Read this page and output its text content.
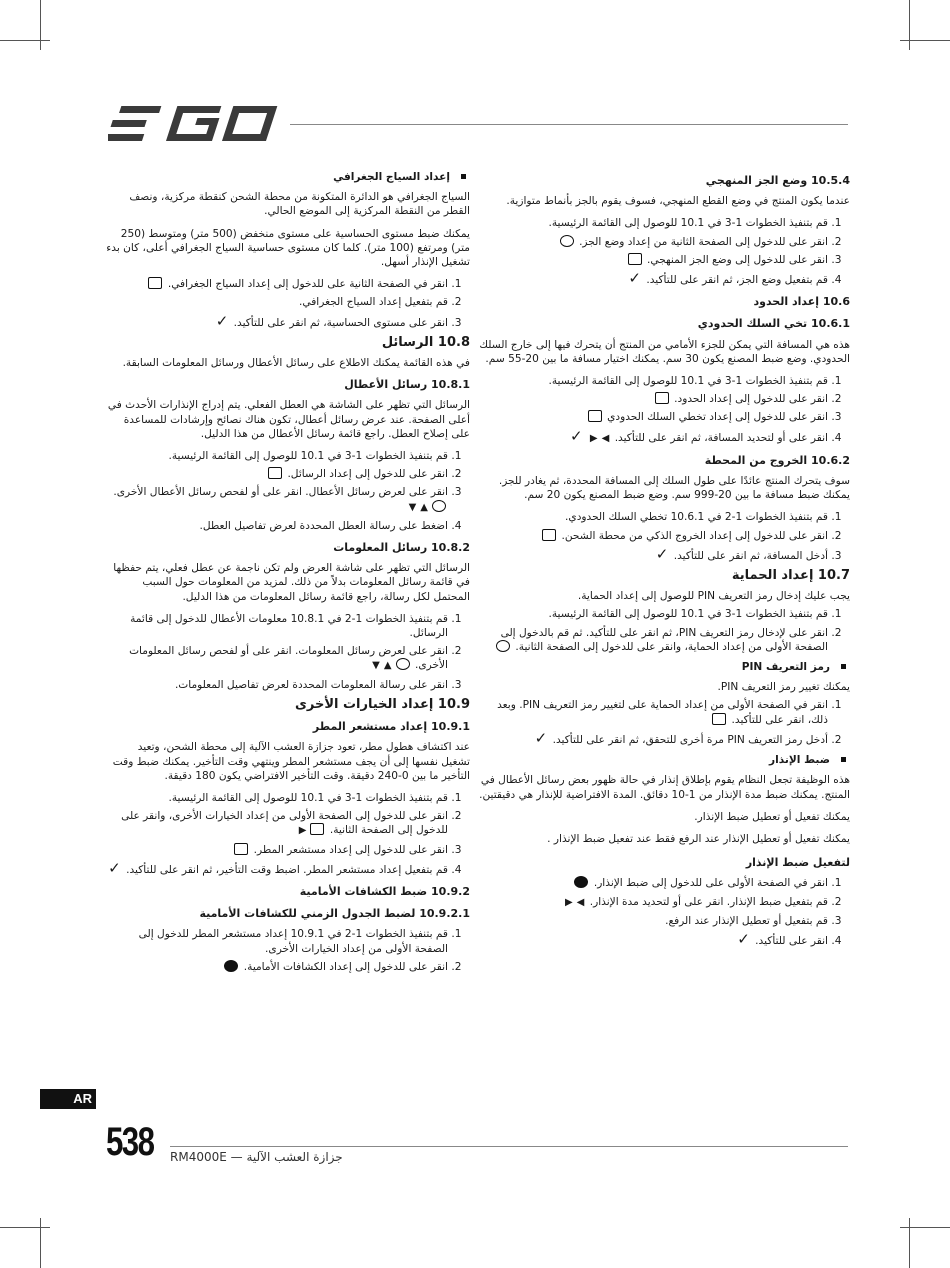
10.5.4 وضع الجز المنهجي

عندما يكون المنتج في وضع القطع المنهجي، فسوف يقوم بالجز بأنماط متوازية.

1. قم بتنفيذ الخطوات 1-3 في 10.1 للوصول إلى القائمة الرئيسية.
2. انقر على للدخول إلى الصفحة الثانية من إعداد وضع الجز.
3. انقر على للدخول إلى وضع الجز المنهجي.
4. قم بتفعيل وضع الجز، ثم انقر على للتأكيد. ✓
10.6 إعداد الحدود
10.6.1 تخي السلك الحدودي

هذه هي المسافة التي يمكن للجزء الأمامي من المنتج أن يتحرك فيها إلى خارج السلك الحدودي. وضع ضبط المصنع يكون 30 سم. يمكنك اختيار مسافة ما بين 20-55 سم.

1. قم بتنفيذ الخطوات 1-3 في 10.1 للوصول إلى القائمة الرئيسية.
2. انقر على للدخول إلى إعداد الحدود.
3. انقر على للدخول إلى إعداد تخطي السلك الحدودي
4. انقر على أو لتحديد المسافة، ثم انقر على للتأكيد. ◀▶ ✓
10.6.2 الخروج من المحطة

سوف يتحرك المنتج عائدًا على طول السلك إلى المسافة المحددة، ثم يغادر للجز. يمكنك ضبط مسافة ما بين 20-999 سم. وضع ضبط المصنع يكون 20 سم.

1. قم بتنفيذ الخطوات 1-2 في 10.6.1 تخطي السلك الحدودي.
2. انقر على للدخول إلى إعداد الخروج الذكي من محطة الشحن.
3. أدخل المسافة، ثم انقر على للتأكيد. ✓
10.7 إعداد الحماية

يجب عليك إدخال رمز التعريف PIN للوصول إلى إعداد الحماية.

1. قم بتنفيذ الخطوات 1-3 في 10.1 للوصول إلى القائمة الرئيسية.
2. انقر على لإدخال رمز التعريف PIN، ثم انقر على للتأكيد. ثم قم بالدخول إلى الصفحة الأولى من إعداد الحماية، وانقر على للدخول إلى الصفحة الثانية.
رمز التعريف PIN

يمكنك تغيير رمز التعريف PIN.

1. انقر في الصفحة الأولى من إعداد الحماية على لتغيير رمز التعريف PIN. وبعد ذلك، انقر على للتأكيد.
2. أدخل رمز التعريف PIN مرة أخرى للتحقق، ثم انقر على للتأكيد. ✓
ضبط الإنذار

هذه الوظيفة تجعل النظام يقوم بإطلاق إنذار في حالة ظهور بعض رسائل الأعطال في المنتج. يمكنك ضبط مدة الإنذار من 1-10 دقائق. المدة الافتراضية للإنذار هي دقيقتين.

يمكنك تفعيل أو تعطيل ضبط الإنذار.

يمكنك تفعيل أو تعطيل الإنذار عند الرفع فقط عند تفعيل ضبط الإنذار .

لتفعيل ضبط الإنذار
1. انقر في الصفحة الأولى على للدخول إلى ضبط الإنذار.
2. قم بتفعيل ضبط الإنذار. انقر على أو لتحديد مدة الإنذار. ◀▶
3. قم بتفعيل أو تعطيل الإنذار عند الرفع.
4. انقر على للتأكيد. ✓
إعداد السياج الجغرافي

السياج الجغرافي هو الدائرة المتكونة من محطة الشحن كنقطة مركزية، ونصف القطر من النقطة المركزية إلى الموضع الحالي.

يمكنك ضبط مستوى الحساسية على مستوى منخفض (500 متر) ومتوسط (250 متر) ومرتفع (100 متر). كلما كان مستوى حساسية السياج الجغرافي أعلى، كان بدء تشغيل الإنذار أسهل.

1. انقر في الصفحة الثانية على للدخول إلى إعداد السياج الجغرافي.
2. قم بتفعيل إعداد السياج الجغرافي.
3. انقر على مستوى الحساسية، ثم انقر على للتأكيد. ✓
10.8 الرسائل

في هذه القائمة يمكنك الاطلاع على رسائل الأعطال ورسائل المعلومات السابقة.

10.8.1 رسائل الأعطال

الرسائل التي تظهر على الشاشة هي العطل الفعلي. يتم إدراج الإنذارات الأحدث في أعلى الصفحة. عند عرض رسائل أعطال، تكون هناك نصائح وإرشادات للمساعدة على إصلاح العطل. راجع قائمة رسائل الأعطال من هذا الدليل.

1. قم بتنفيذ الخطوات 1-3 في 10.1 للوصول إلى القائمة الرئيسية.
2. انقر على للدخول إلى إعداد الرسائل.
3. انقر على لعرض رسائل الأعطال. انقر على أو لفحص رسائل الأعطال الأخرى. ▲▼
4. اضغط على رسالة العطل المحددة لعرض تفاصيل العطل.
10.8.2 رسائل المعلومات

الرسائل التي تظهر على شاشة العرض ولم تكن ناجمة عن عطل فعلي، يتم حفظها في قائمة رسائل المعلومات بدلاً من ذلك. لمزيد من المعلومات حول السبب المحتمل لكل رسالة، راجع قائمة رسائل المعلومات من هذا الدليل.

1. قم بتنفيذ الخطوات 1-2 في 10.8.1 معلومات الأعطال للدخول إلى قائمة الرسائل.
2. انقر على لعرض رسائل المعلومات. انقر على أو لفحص رسائل المعلومات الأخرى. ▲▼
3. انقر على رسالة المعلومات المحددة لعرض تفاصيل المعلومات.
10.9 إعداد الخيارات الأخرى
10.9.1 إعداد مستشعر المطر

عند اكتشاف هطول مطر، تعود جزازة العشب الآلية إلى محطة الشحن، وتعيد تشغيل نفسها إلى أن يجف مستشعر المطر وينتهي وقت التأخير. يمكنك ضبط وقت التأخير ما بين 0-240 دقيقة. وقت التأخير الافتراضي يكون 180 دقيقة.

1. قم بتنفيذ الخطوات 1-3 في 10.1 للوصول إلى القائمة الرئيسية.
2. انقر على للدخول إلى الصفحة الأولى من إعداد الخيارات الأخرى، وانقر على للدخول إلى الصفحة الثانية. ▶
3. انقر على للدخول إلى إعداد مستشعر المطر.
4. قم بتفعيل إعداد مستشعر المطر. اضبط وقت التأخير، ثم انقر على للتأكيد. ✓
10.9.2 ضبط الكشافات الأمامية
10.9.2.1 لضبط الجدول الزمني للكشافات الأمامية
1. قم بتنفيذ الخطوات 1-2 في 10.9.1 إعداد مستشعر المطر للدخول إلى الصفحة الأولى من إعداد الخيارات الأخرى.
2. انقر على للدخول إلى إعداد الكشافات الأمامية.
AR
538 RM4000E — جزازة العشب الآلية
